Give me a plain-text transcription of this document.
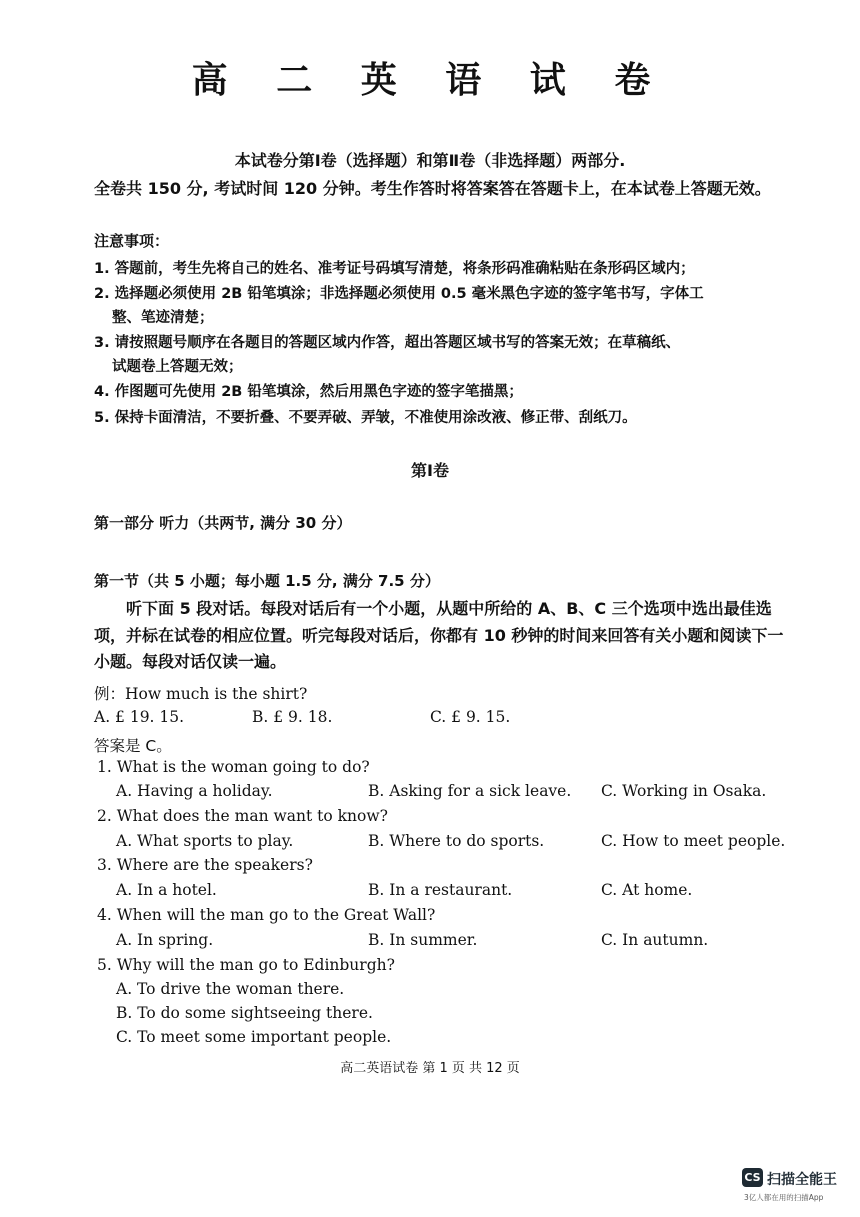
高 二 英 语 试 卷
本试卷分第Ⅰ卷（选择题）和第Ⅱ卷（非选择题）两部分.
全卷共 150 分, 考试时间 120 分钟。考生作答时将答案答在答题卡上，在本试卷上答题无效。
注意事项：
1. 答题前，考生先将自己的姓名、准考证号码填写清楚，将条形码准确粘贴在条形码区域内；
2. 选择题必须使用 2B 铅笔填涂；非选择题必须使用 0.5 毫米黑色字迹的签字笔书写，字体工
整、笔迹清楚；
3. 请按照题号顺序在各题目的答题区域内作答，超出答题区域书写的答案无效；在草稿纸、
试题卷上答题无效；
4. 作图题可先使用 2B 铅笔填涂，然后用黑色字迹的签字笔描黑；
5. 保持卡面清洁，不要折叠、不要弄破、弄皱，不准使用涂改液、修正带、刮纸刀。
第Ⅰ卷
第一部分 听力（共两节, 满分 30 分）
第一节（共 5 小题；每小题 1.5 分, 满分 7.5 分）
听下面 5 段对话。每段对话后有一个小题，从题中所给的 A、B、C 三个选项中选出最佳选项，并标在试卷的相应位置。听完每段对话后，你都有 10 秒钟的时间来回答有关小题和阅读下一小题。每段对话仅读一遍。
例：How much is the shirt?
A. £ 19. 15.	B. £ 9. 18.	C. £ 9. 15.
答案是 C。
1. What is the woman going to do?
A. Having a holiday.	B. Asking for a sick leave. C. Working in Osaka.
2. What does the man want to know?
A. What sports to play.	B. Where to do sports.	C. How to meet people.
3. Where are the speakers?
A. In a hotel.	B. In a restaurant.	C. At home.
4. When will the man go to the Great Wall?
A. In spring.	B. In summer.	C. In autumn.
5. Why will the man go to Edinburgh?
A. To drive the woman there.
B. To do some sightseeing there.
C. To meet some important people.
高二英语试卷 第 1 页 共 12 页
CS 扫描全能王
3亿人都在用的扫描App
